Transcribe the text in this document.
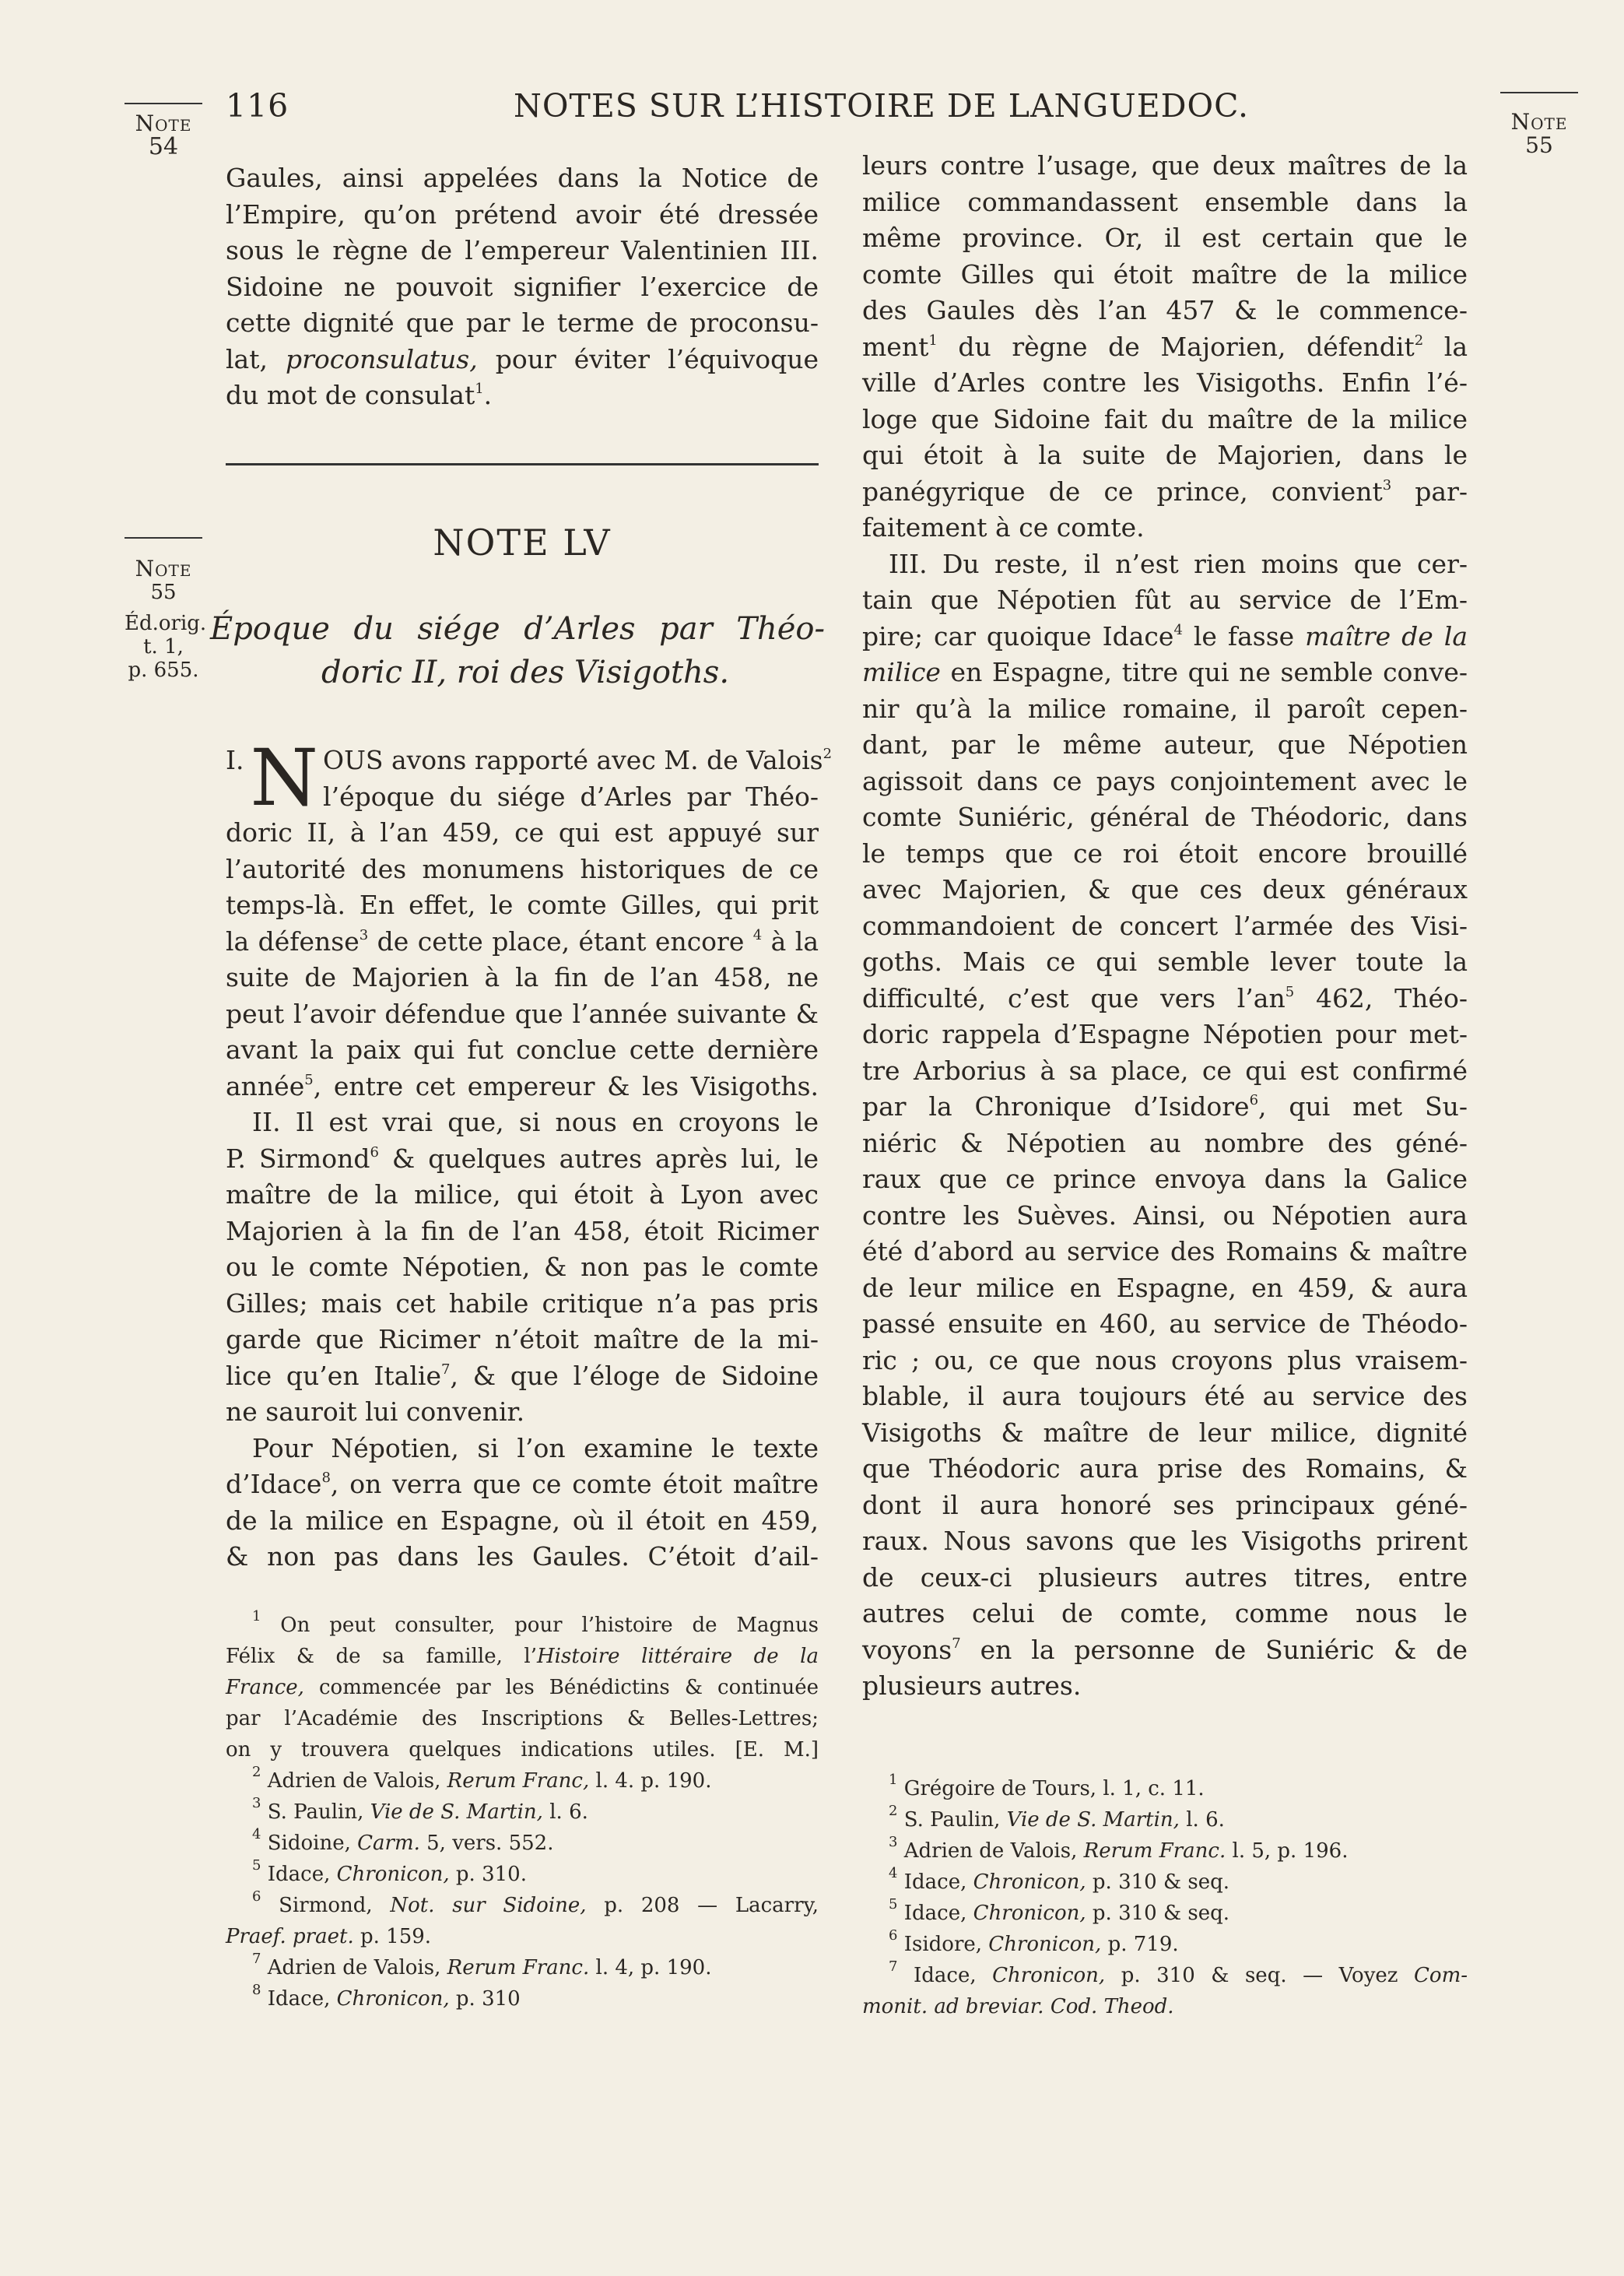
116	NOTES SUR L’HISTOIRE DE LANGUEDOC.
Note
54
Note
55
Note
55
Éd.orig.
t. 1,
p. 655.
Gaules, ainsi appelées dans la Notice de
l’Empire, qu’on prétend avoir été dressée
sous le règne de l’empereur Valentinien III.
Sidoine ne pouvoit signifier l’exercice de
cette dignité que par le terme de proconsu-
lat, proconsulatus, pour éviter l’équivoque
du mot de consulat$^1$.
NOTE LV
Époque du siége d’Arles par Théo-
doric II, roi des Visigoths.
I. N OUS avons rapporté avec M. de Valois$^2$
l’époque du siége d’Arles par Théo-
doric II, à l’an 459, ce qui est appuyé sur
l’autorité des monumens historiques de ce
temps-là. En effet, le comte Gilles, qui prit
la défense$^3$ de cette place, étant encore $^4$ à la
suite de Majorien à la fin de l’an 458, ne
peut l’avoir défendue que l’année suivante &
avant la paix qui fut conclue cette dernière
année$^5$, entre cet empereur & les Visigoths.
II. Il est vrai que, si nous en croyons le
P. Sirmond$^6$ & quelques autres après lui, le
maître de la milice, qui étoit à Lyon avec
Majorien à la fin de l’an 458, étoit Ricimer
ou le comte Népotien, & non pas le comte
Gilles; mais cet habile critique n’a pas pris
garde que Ricimer n’étoit maître de la mi-
lice qu’en Italie$^7$, & que l’éloge de Sidoine
ne sauroit lui convenir.
Pour Népotien, si l’on examine le texte
d’Idace$^8$, on verra que ce comte étoit maître
de la milice en Espagne, où il étoit en 459,
& non pas dans les Gaules. C’étoit d’ail-
$^1$ On peut consulter, pour l’histoire de Magnus
Félix & de sa famille, l’Histoire littéraire de la
France, commencée par les Bénédictins & continuée
par l’Académie des Inscriptions & Belles-Lettres;
on y trouvera quelques indications utiles. [E. M.]
$^2$ Adrien de Valois, Rerum Franc, l. 4. p. 190.
$^3$ S. Paulin, Vie de S. Martin, l. 6.
$^4$ Sidoine, Carm. 5, vers. 552.
$^5$ Idace, Chronicon, p. 310.
$^6$ Sirmond, Not. sur Sidoine, p. 208 — Lacarry,
Praef. praet. p. 159.
$^7$ Adrien de Valois, Rerum Franc. l. 4, p. 190.
$^8$ Idace, Chronicon, p. 310
leurs contre l’usage, que deux maîtres de la
milice commandassent ensemble dans la
même province. Or, il est certain que le
comte Gilles qui étoit maître de la milice
des Gaules dès l’an 457 & le commence-
ment$^1$ du règne de Majorien, défendit$^2$ la
ville d’Arles contre les Visigoths. Enfin l’é-
loge que Sidoine fait du maître de la milice
qui étoit à la suite de Majorien, dans le
panégyrique de ce prince, convient$^3$ par-
faitement à ce comte.
III. Du reste, il n’est rien moins que cer-
tain que Népotien fût au service de l’Em-
pire; car quoique Idace$^4$ le fasse maître de la
milice en Espagne, titre qui ne semble conve-
nir qu’à la milice romaine, il paroît cepen-
dant, par le même auteur, que Népotien
agissoit dans ce pays conjointement avec le
comte Suniéric, général de Théodoric, dans
le temps que ce roi étoit encore brouillé
avec Majorien, & que ces deux généraux
commandoient de concert l’armée des Visi-
goths. Mais ce qui semble lever toute la
difficulté, c’est que vers $l’an^5$ 462, Théo-
doric rappela d’Espagne Népotien pour met-
tre Arborius à sa place, ce qui est confirmé
par la Chronique d’Isidore$^6$, qui met Su-
niéric & Népotien au nombre des géné-
raux que ce prince envoya dans la Galice
contre les Suèves. Ainsi, ou Népotien aura
été d’abord au service des Romains & maître
de leur milice en Espagne, en 459, & aura
passé ensuite en 460, au service de Théodo-
ric ; ou, ce que nous croyons plus vraisem-
blable, il aura toujours été au service des
Visigoths & maître de leur milice, dignité
que Théodoric aura prise des Romains, &
dont il aura honoré ses principaux géné-
raux. Nous savons que les Visigoths prirent
de ceux-ci plusieurs autres titres, entre
autres celui de comte, comme nous le
voyons$^7$ en la personne de Suniéric & de
plusieurs autres.
$^1$ Grégoire de Tours, l. 1, c. 11.
$^2$ S. Paulin, Vie de S. Martin, l. 6.
$^3$ Adrien de Valois, Rerum Franc. l. 5, p. 196.
$^4$ Idace, Chronicon, p. 310 & seq.
$^5$ Idace, Chronicon, p. 310 & seq.
$^6$ Isidore, Chronicon, p. 719.
$^7$ Idace, Chronicon, p. 310 & seq. — Voyez Com-
monit. ad breviar. Cod. Theod.
